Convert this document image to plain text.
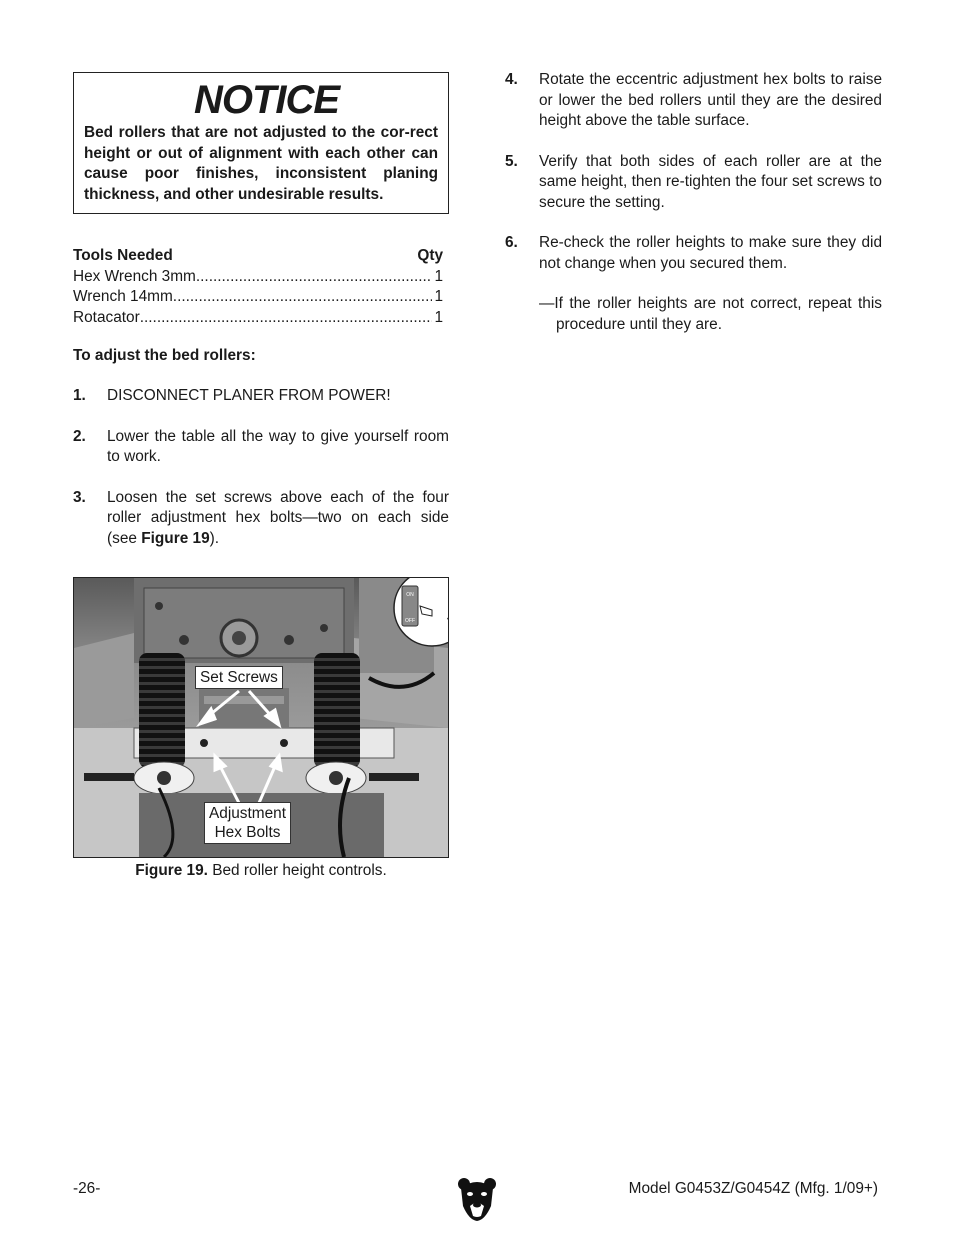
NOTICE
Bed rollers that are not adjusted to the cor-rect height or out of alignment with each other can cause poor finishes, inconsistent planing thickness, and other undesirable results.
Tools Needed	Qty
Hex Wrench 3mm .....	1
Wrench 14mm .....	1
Rotacator .....	1
To adjust the bed rollers:
1.	DISCONNECT PLANER FROM POWER!
2.	Lower the table all the way to give yourself room to work.
3.	Loosen the set screws above each of the four roller adjustment hex bolts—two on each side (see Figure 19).
ON
OFF
Set Screws
Adjustment
Hex Bolts
Figure 19. Bed roller height controls.
4.	Rotate the eccentric adjustment hex bolts to raise or lower the bed rollers until they are the desired height above the table surface.
5.	Verify that both sides of each roller are at the same height, then re-tighten the four set screws to secure the setting.
6.	Re-check the roller heights to make sure they did not change when you secured them.
—If the roller heights are not correct, repeat this procedure until they are.
-26-	Model G0453Z/G0454Z (Mfg. 1/09+)
